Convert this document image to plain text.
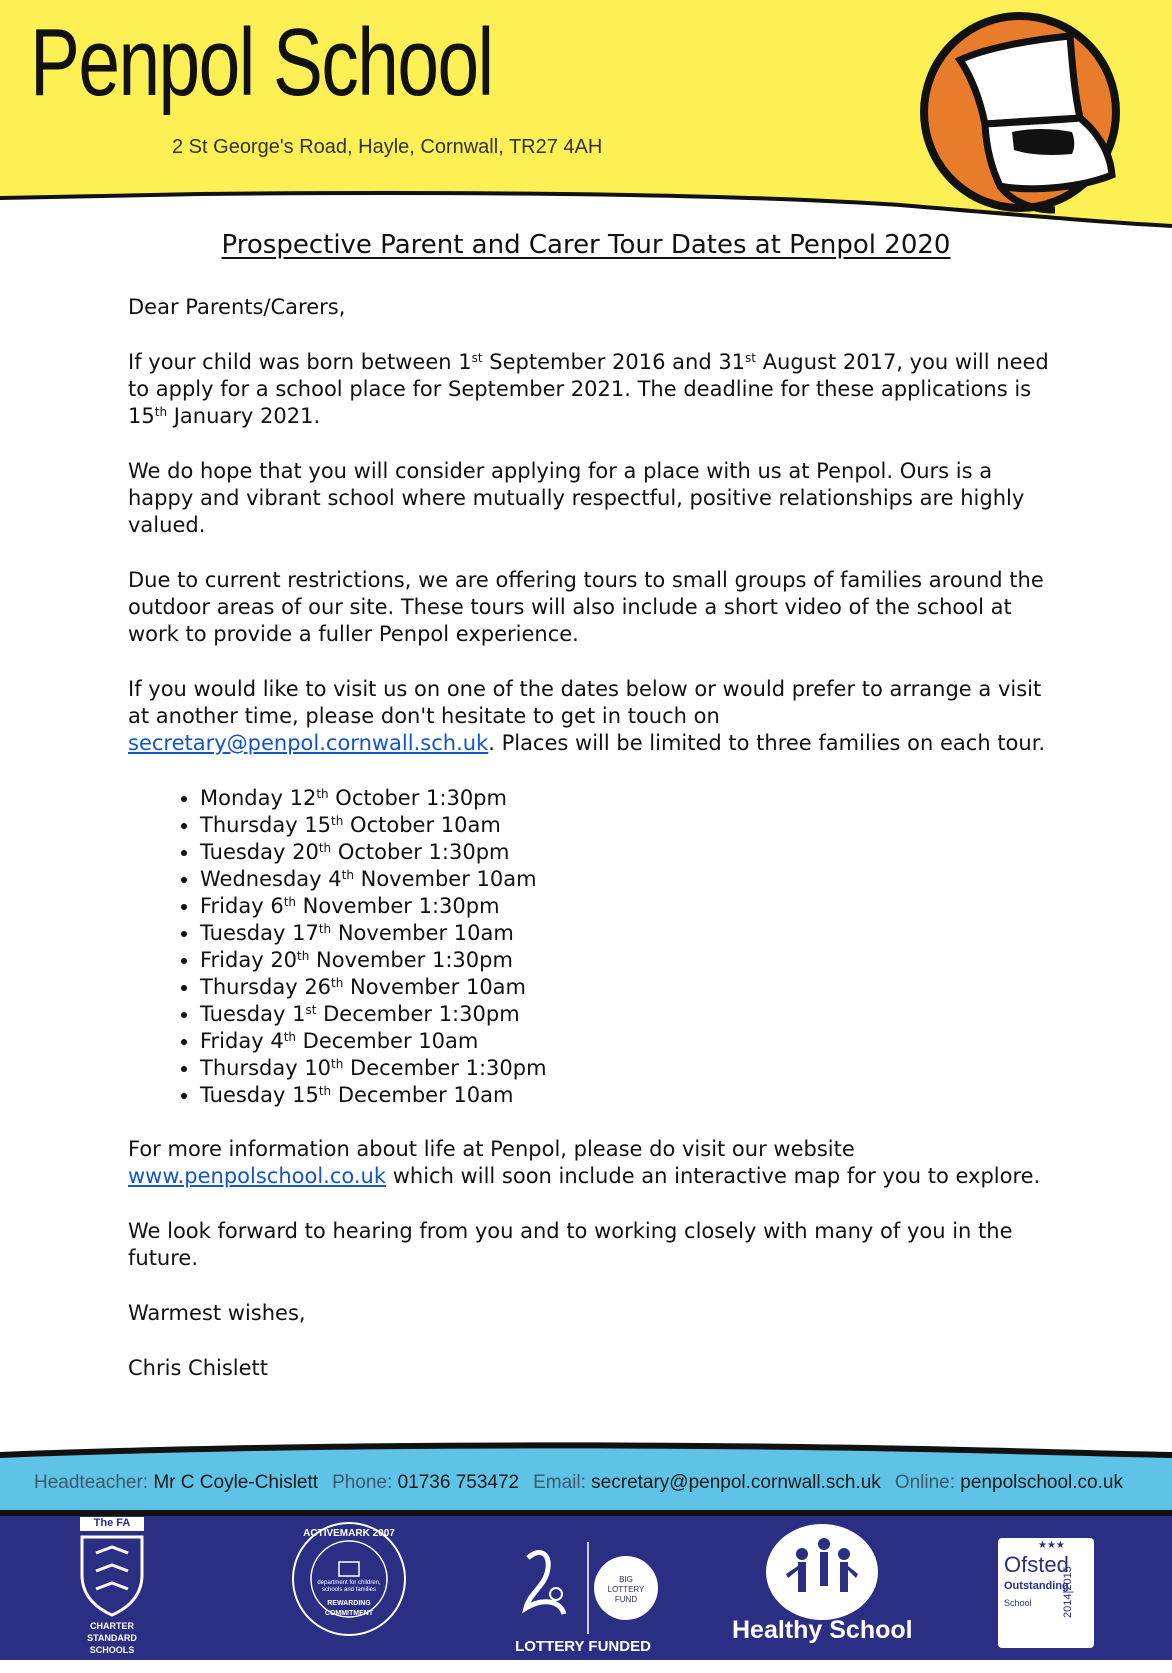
Penpol School
2 St George's Road, Hayle, Cornwall, TR27 4AH
Prospective Parent and Carer Tour Dates at Penpol 2020

Dear Parents/Carers,

If your child was born between 1st September 2016 and 31st August 2017, you will need to apply for a school place for September 2021. The deadline for these applications is 15th January 2021.

We do hope that you will consider applying for a place with us at Penpol. Ours is a happy and vibrant school where mutually respectful, positive relationships are highly valued.

Due to current restrictions, we are offering tours to small groups of families around the outdoor areas of our site. These tours will also include a short video of the school at work to provide a fuller Penpol experience.

If you would like to visit us on one of the dates below or would prefer to arrange a visit at another time, please don't hesitate to get in touch on secretary@penpol.cornwall.sch.uk. Places will be limited to three families on each tour.

• Monday 12th October 1:30pm
• Thursday 15th October 10am
• Tuesday 20th October 1:30pm
• Wednesday 4th November 10am
• Friday 6th November 1:30pm
• Tuesday 17th November 10am
• Friday 20th November 1:30pm
• Thursday 26th November 10am
• Tuesday 1st December 1:30pm
• Friday 4th December 10am
• Thursday 10th December 1:30pm
• Tuesday 15th December 10am

For more information about life at Penpol, please do visit our website www.penpolschool.co.uk which will soon include an interactive map for you to explore.

We look forward to hearing from you and to working closely with many of you in the future.

Warmest wishes,

Chris Chislett

Headteacher: Mr C Coyle-Chislett Phone: 01736 753472 Email: secretary@penpol.cornwall.sch.uk Online: penpolschool.co.uk
The FA
CHARTER
STANDARD
SCHOOLS
ACTIVEMARK 2007
department for children, schools and families
REWARDING
COMMITMENT
BIG
LOTTERY
FUND
LOTTERY FUNDED
Healthy School
★★★
Ofsted
Outstanding
School	2014|2015
